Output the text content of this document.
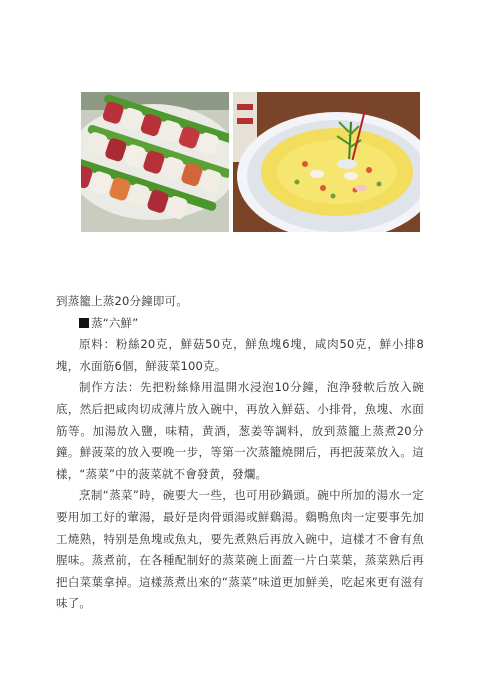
到蒸籠上蒸20分鐘即可。

蒸“六鮮”

原料：粉絲20克，鮮菇50克，鮮魚塊6塊，咸肉50克，鮮小排8塊，水面筋6個，鮮菠菜100克。

制作方法：先把粉絲條用温開水浸泡10分鐘，泡浄發軟后放入碗底，然后把咸肉切成薄片放入碗中，再放入鮮菇、小排骨，魚塊、水面筋等。加湯放入鹽，味精，黄酒，葱姜等調料，放到蒸籠上蒸煮20分鐘。鮮菠菜的放入要晚一步，等第一次蒸籠燒開后，再把菠菜放入。這樣，“蒸菜”中的菠菜就不會發黄，發爛。

烹制“蒸菜”時，碗要大一些，也可用砂鍋頭。碗中所加的湯水一定要用加工好的葷湯，最好是肉骨頭湯或鮮鷄湯。鷄鴨魚肉一定要事先加工燒熟，特别是魚塊或魚丸，要先煮熟后再放入碗中，這樣才不會有魚腥味。蒸煮前，在各種配制好的蒸菜碗上面蓋一片白菜葉，蒸菜熟后再把白菜葉拿掉。這樣蒸煮出來的“蒸菜”味道更加鮮美，吃起來更有滋有味了。
